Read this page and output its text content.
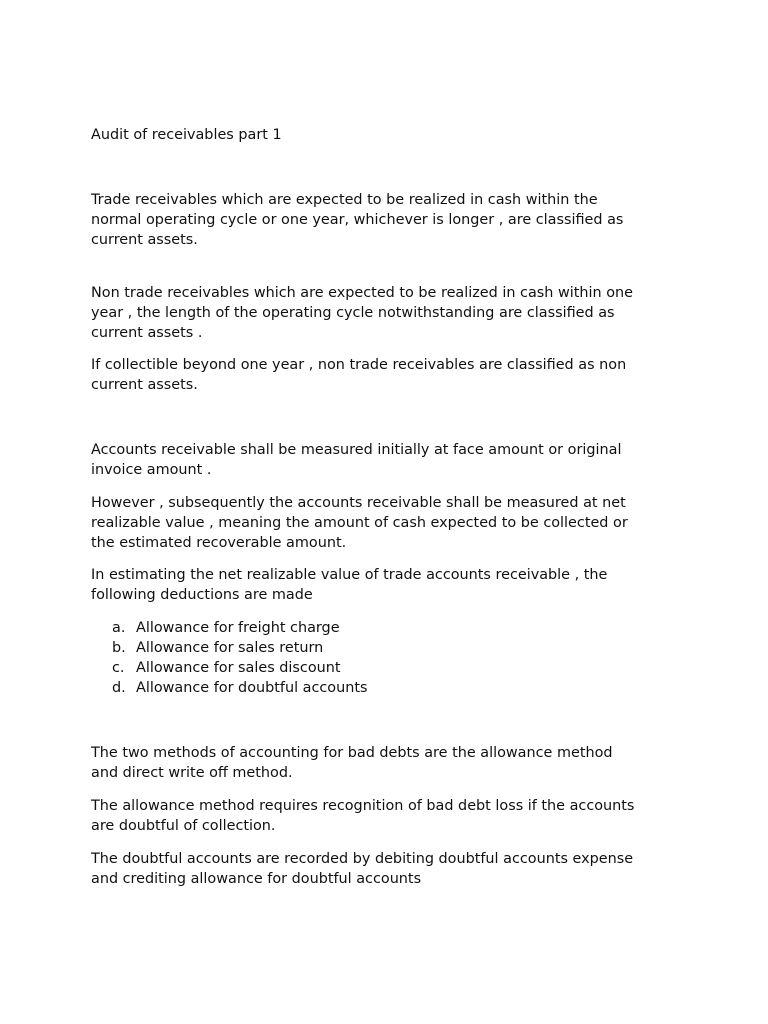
Audit of receivables part 1

Trade receivables which are expected to be realized in cash within the
normal operating cycle or one year, whichever is longer , are classified as
current assets.

Non trade receivables which are expected to be realized in cash within one
year , the length of the operating cycle notwithstanding are classified as
current assets .

If collectible beyond one year , non trade receivables are classified as non
current assets.

Accounts receivable shall be measured initially at face amount or original
invoice amount .

However , subsequently the accounts receivable shall be measured at net
realizable value , meaning the amount of cash expected to be collected or
the estimated recoverable amount.

In estimating the net realizable value of trade accounts receivable , the
following deductions are made

a. Allowance for freight charge
b. Allowance for sales return
c. Allowance for sales discount
d. Allowance for doubtful accounts

The two methods of accounting for bad debts are the allowance method
and direct write off method.

The allowance method requires recognition of bad debt loss if the accounts
are doubtful of collection.

The doubtful accounts are recorded by debiting doubtful accounts expense
and crediting allowance for doubtful accounts
